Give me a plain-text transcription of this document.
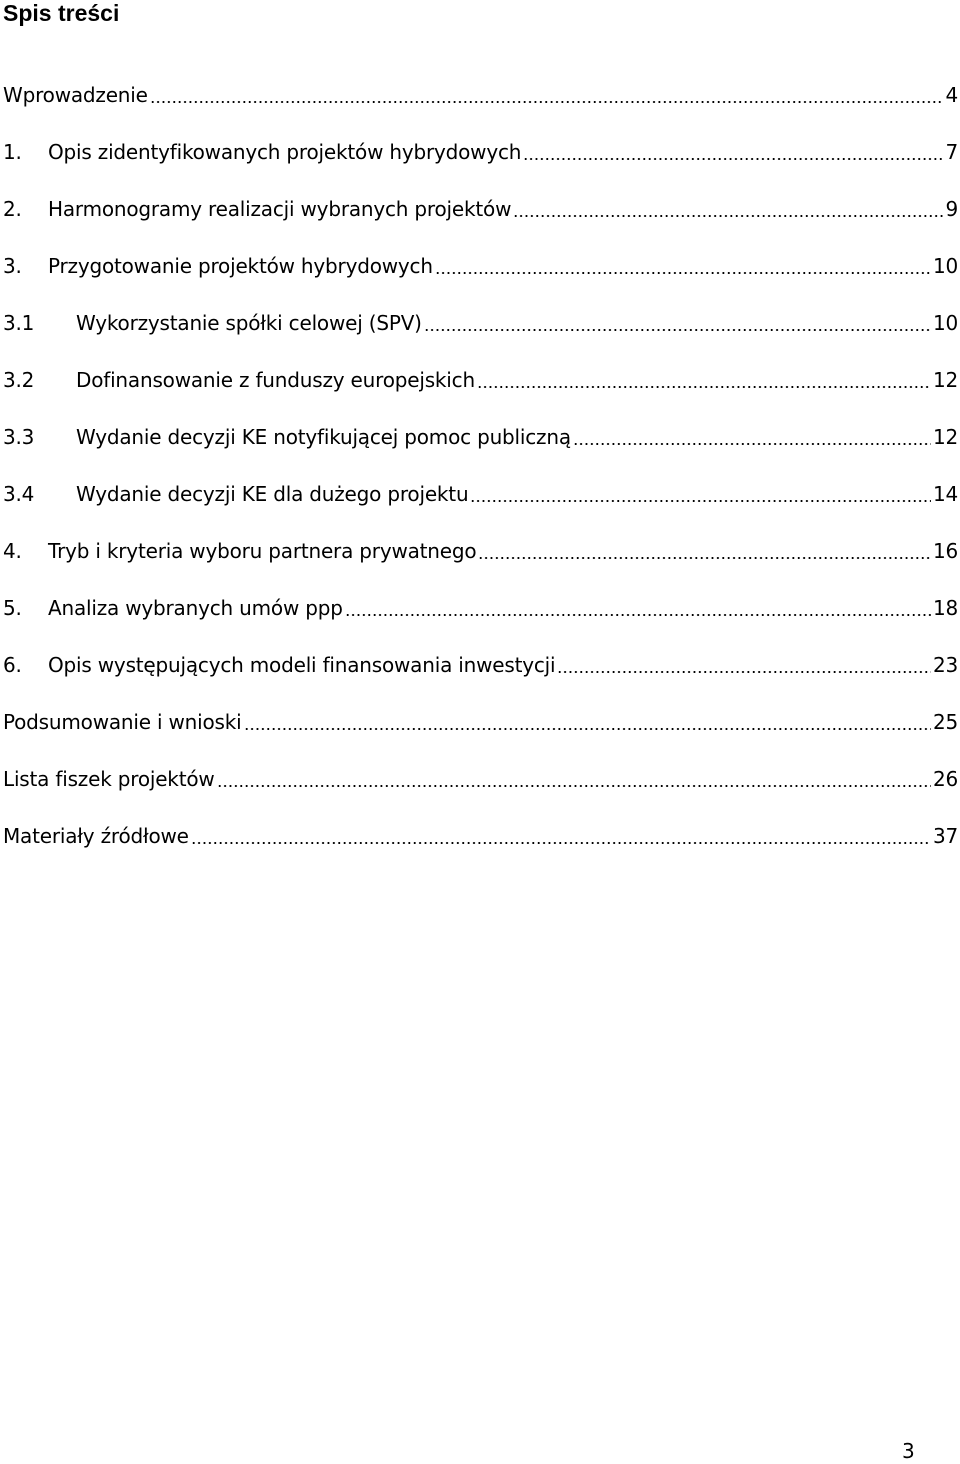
Spis treści
Wprowadzenie	4
1.	Opis zidentyfikowanych projektów hybrydowych	7
2.	Harmonogramy realizacji wybranych projektów	9
3.	Przygotowanie projektów hybrydowych	10
3.1	Wykorzystanie spółki celowej (SPV)	10
3.2	Dofinansowanie z funduszy europejskich	12
3.3	Wydanie decyzji KE notyfikującej pomoc publiczną	12
3.4	Wydanie decyzji KE dla dużego projektu	14
4.	Tryb i kryteria wyboru partnera prywatnego	16
5.	Analiza wybranych umów ppp	18
6.	Opis występujących modeli finansowania inwestycji	23
Podsumowanie i wnioski	25
Lista fiszek projektów	26
Materiały źródłowe	37
3
